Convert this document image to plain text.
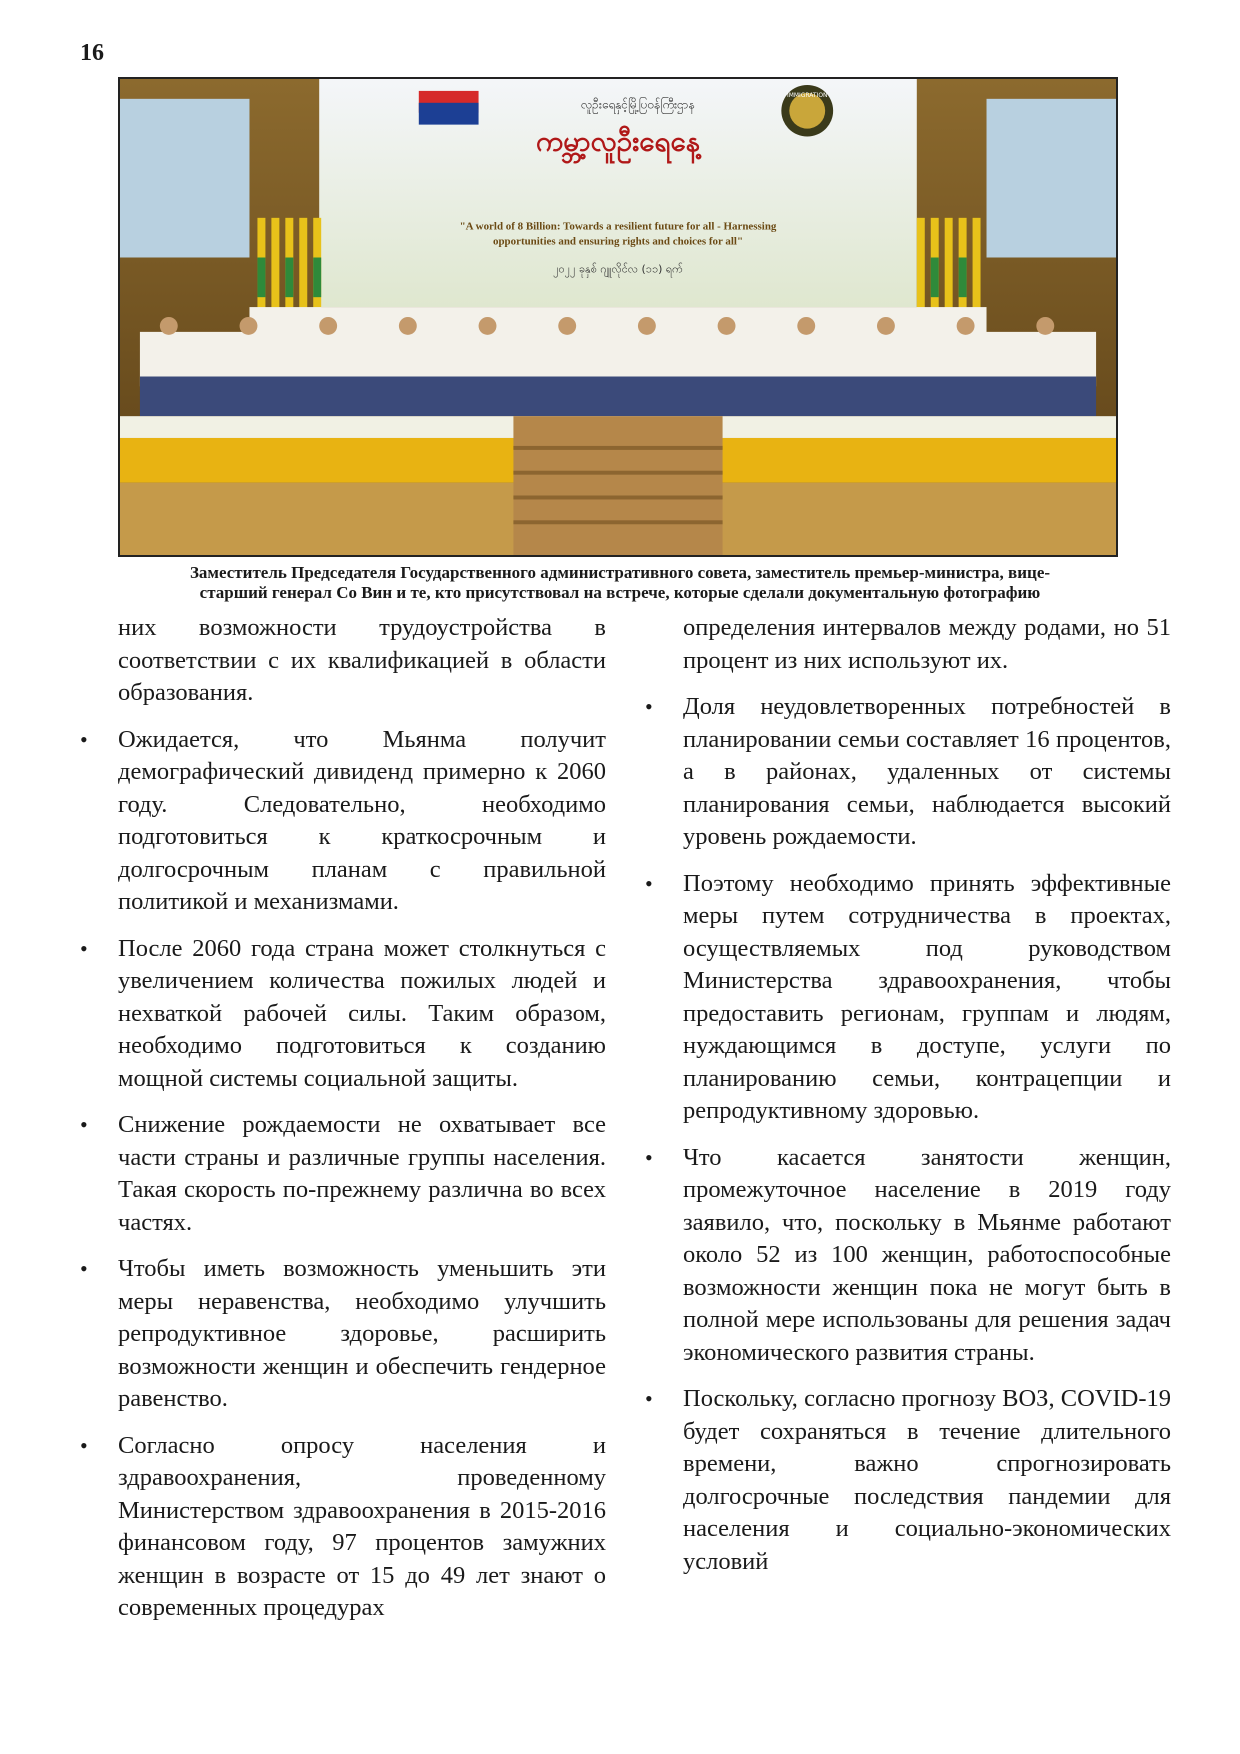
16
IMMIGRATION
လူဦးရေနှင့်မြို့ပြဝန်ကြီးဌာန
ကမ္ဘာ့လူဦးရေနေ့
"A world of 8 Billion: Towards a resilient future for all - Harnessing
opportunities and ensuring rights and choices for all"
၂၀၂၂ ခုနှစ် ဂျူလိုင်လ (၁၁) ရက်
Заместитель Председателя Государственного административного совета, заместитель премьер-министра, вице-
старший генерал Со Вин и те, кто присутствовал на встрече, которые сделали документальную фотографию

них возможности трудоустройства в соответствии с их квалификацией в области образования.

• Ожидается, что Мьянма получит демографический дивиденд примерно к 2060 году. Следовательно, необходимо подготовиться к краткосрочным и долгосрочным планам с правильной политикой и механизмами.
• После 2060 года страна может столкнуться с увеличением количества пожилых людей и нехваткой рабочей силы. Таким образом, необходимо подготовиться к созданию мощной системы социальной защиты.
• Снижение рождаемости не охватывает все части страны и различные группы населения. Такая скорость по-прежнему различна во всех частях.
• Чтобы иметь возможность уменьшить эти меры неравенства, необходимо улучшить репродуктивное здоровье, расширить возможности женщин и обеспечить гендерное равенство.
• Согласно опросу населения и здравоохранения, проведенному Министерством здравоохранения в 2015-2016 финансовом году, 97 процентов замужних женщин в возрасте от 15 до 49 лет знают о современных процедурах

определения интервалов между родами, но 51 процент из них используют их.

• Доля неудовлетворенных потребностей в планировании семьи составляет 16 процентов, а в районах, удаленных от системы планирования семьи, наблюдается высокий уровень рождаемости.
• Поэтому необходимо принять эффективные меры путем сотрудничества в проектах, осуществляемых под руководством Министерства здравоохранения, чтобы предоставить регионам, группам и людям, нуждающимся в доступе, услуги по планированию семьи, контрацепции и репродуктивному здоровью.
• Что касается занятости женщин, промежуточное население в 2019 году заявило, что, поскольку в Мьянме работают около 52 из 100 женщин, работоспособные возможности женщин пока не могут быть в полной мере использованы для решения задач экономического развития страны.
• Поскольку, согласно прогнозу ВОЗ, COVID-19 будет сохраняться в течение длительного времени, важно спрогнозировать долгосрочные последствия пандемии для населения и социально-экономических условий
